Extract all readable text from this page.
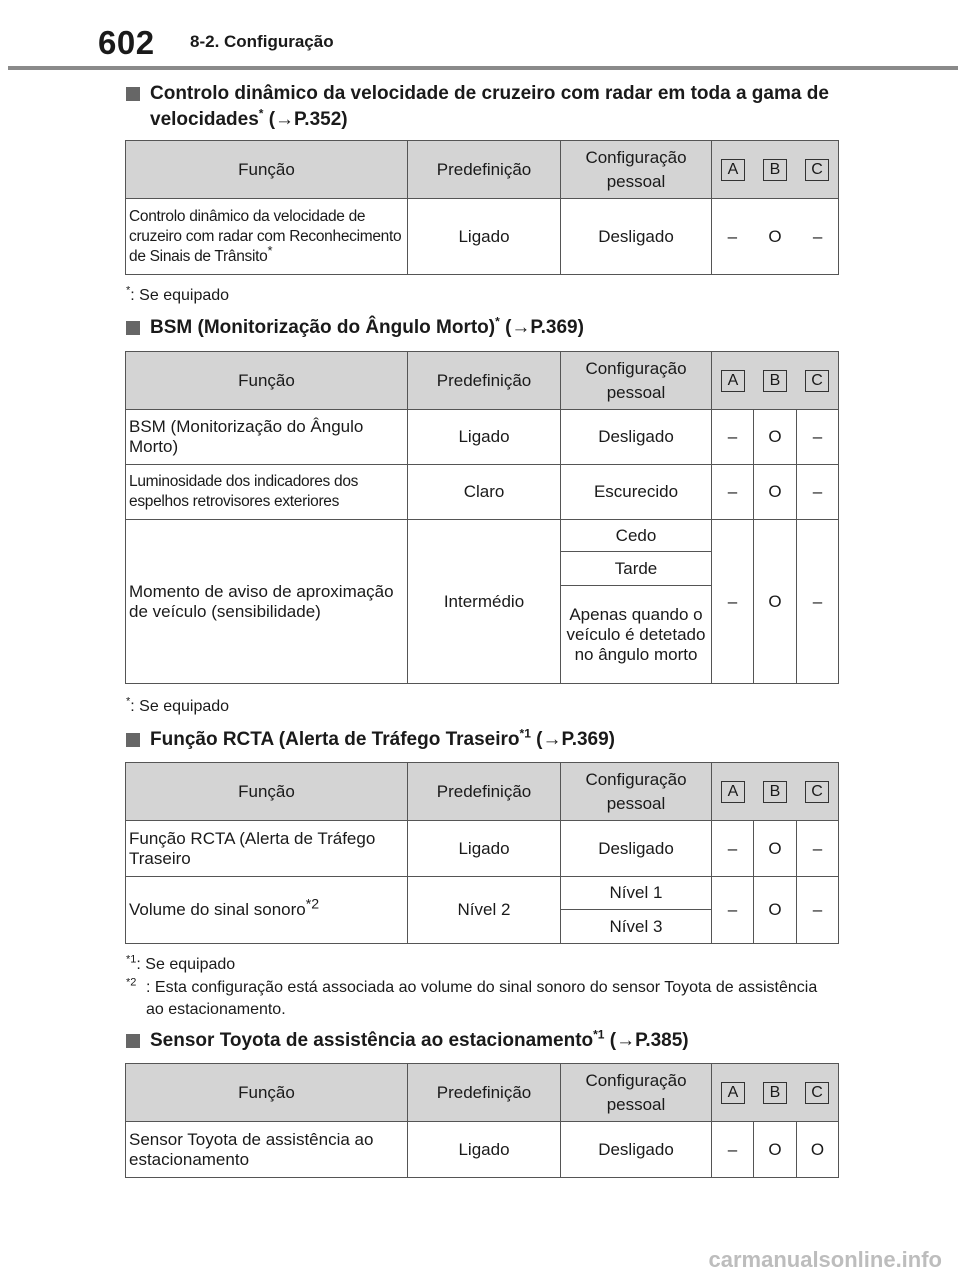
602 8-2. Configuração
Controlo dinâmico da velocidade de cruzeiro com radar em toda a gama de velocidades* (→P.352)
Função	Predefinição	Configuração pessoal	A B C

Controlo dinâmico da velocidade de cruzeiro com radar com Reconhecimento de Sinais de Trânsito*	Ligado	Desligado	– O –
*: Se equipado
BSM (Monitorização do Ângulo Morto)* (→P.369)
Função	Predefinição	Configuração pessoal	A B C		

BSM (Monitorização do Ângulo Morto)	Ligado	Desligado	–	O	–
Luminosidade dos indicadores dos espelhos retrovisores exteriores	Claro	Escurecido	–	O	–
Momento de aviso de aproximação de veículo (sensibilidade)	Intermédio	Cedo	–	O	–
		Tarde			
		Apenas quando o veículo é detetado no ângulo morto			
*: Se equipado
Função RCTA (Alerta de Tráfego Traseiro$^{*1}$ (→P.369)
Função	Predefinição	Configuração pessoal	A B C		

Função RCTA (Alerta de Tráfego Traseiro	Ligado	Desligado	–	O	–
Volume do sinal sonoro$^{*2}$	Nível 2	Nível 1	–	O	–
		Nível 3			
$^{*1}$: Se equipado
$^{*2}$ : Esta configuração está associada ao volume do sinal sonoro do sensor Toyota de assistência ao estacionamento.
Sensor Toyota de assistência ao estacionamento$^{*1}$ (→P.385)
Função	Predefinição	Configuração pessoal	A B C		

Sensor Toyota de assistência ao estacionamento	Ligado	Desligado	–	O	O
carmanualsonline.info
